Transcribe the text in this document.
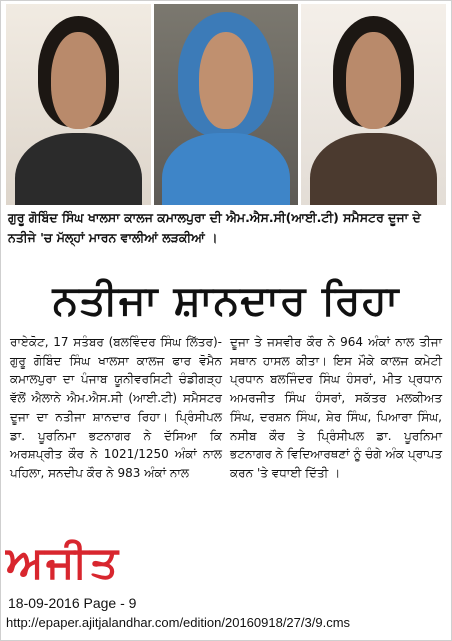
ਗੁਰੂ ਗੋਬਿੰਦ ਸਿੰਘ ਖਾਲਸਾ ਕਾਲਜ ਕਮਾਲਪੁਰਾ ਦੀ ਐਮ.ਐਸ.ਸੀ(ਆਈ.ਟੀ) ਸਮੈਸਟਰ ਦੂਜਾ ਦੇ ਨਤੀਜੇ 'ਚ ਮੱਲ੍ਹਾਂ ਮਾਰਨ ਵਾਲੀਆਂ ਲੜਕੀਆਂ ।
ਨਤੀਜਾ ਸ਼ਾਨਦਾਰ ਰਿਹਾ
ਰਾਏਕੋਟ, 17 ਸਤੰਬਰ (ਬਲਵਿੰਦਰ ਸਿੰਘ ਲਿੱਤਰ)-ਗੁਰੂ ਗੋਬਿੰਦ ਸਿੰਘ ਖਾਲਸਾ ਕਾਲਜ ਫਾਰ ਵੋਮੈਨ ਕਮਾਲਪੁਰਾ ਦਾ ਪੰਜਾਬ ਯੂਨੀਵਰਸਿਟੀ ਚੰਡੀਗੜ੍ਹ ਵੱਲੋਂ ਐਲਾਨੇ ਐਮ.ਐਸ.ਸੀ (ਆਈ.ਟੀ) ਸਮੈਸਟਰ ਦੂਜਾ ਦਾ ਨਤੀਜਾ ਸ਼ਾਨਦਾਰ ਰਿਹਾ। ਪ੍ਰਿੰਸੀਪਲ ਡਾ. ਪੂਰਨਿਮਾ ਭਟਨਾਗਰ ਨੇ ਦੱਸਿਆ ਕਿ ਅਰਸ਼ਪ੍ਰੀਤ ਕੌਰ ਨੇ 1021/1250 ਅੰਕਾਂ ਨਾਲ ਪਹਿਲਾ, ਸਨਦੀਪ ਕੌਰ ਨੇ 983 ਅੰਕਾਂ ਨਾਲ
ਦੂਜਾ ਤੇ ਜਸਵੀਰ ਕੌਰ ਨੇ 964 ਅੰਕਾਂ ਨਾਲ ਤੀਜਾ ਸਥਾਨ ਹਾਸਲ ਕੀਤਾ। ਇਸ ਮੌਕੇ ਕਾਲਜ ਕਮੇਟੀ ਪ੍ਰਧਾਨ ਬਲਜਿੰਦਰ ਸਿੰਘ ਹੰਸਰਾਂ, ਮੀਤ ਪ੍ਰਧਾਨ ਅਮਰਜੀਤ ਸਿੰਘ ਹੰਸਰਾਂ, ਸਕੱਤਰ ਮਲਕੀਅਤ ਸਿੰਘ, ਦਰਸ਼ਨ ਸਿੰਘ, ਸ਼ੇਰ ਸਿੰਘ, ਪਿਆਰਾ ਸਿੰਘ, ਨਸੀਬ ਕੌਰ ਤੇ ਪ੍ਰਿੰਸੀਪਲ ਡਾ. ਪੂਰਨਿਮਾ ਭਟਨਾਗਰ ਨੇ ਵਿਦਿਆਰਥਣਾਂ ਨੂੰ ਚੰਗੇ ਅੰਕ ਪ੍ਰਾਪਤ ਕਰਨ 'ਤੇ ਵਧਾਈ ਦਿੱਤੀ ।
ਅਜੀਤ
18-09-2016 Page - 9
http://epaper.ajitjalandhar.com/edition/20160918/27/3/9.cms
